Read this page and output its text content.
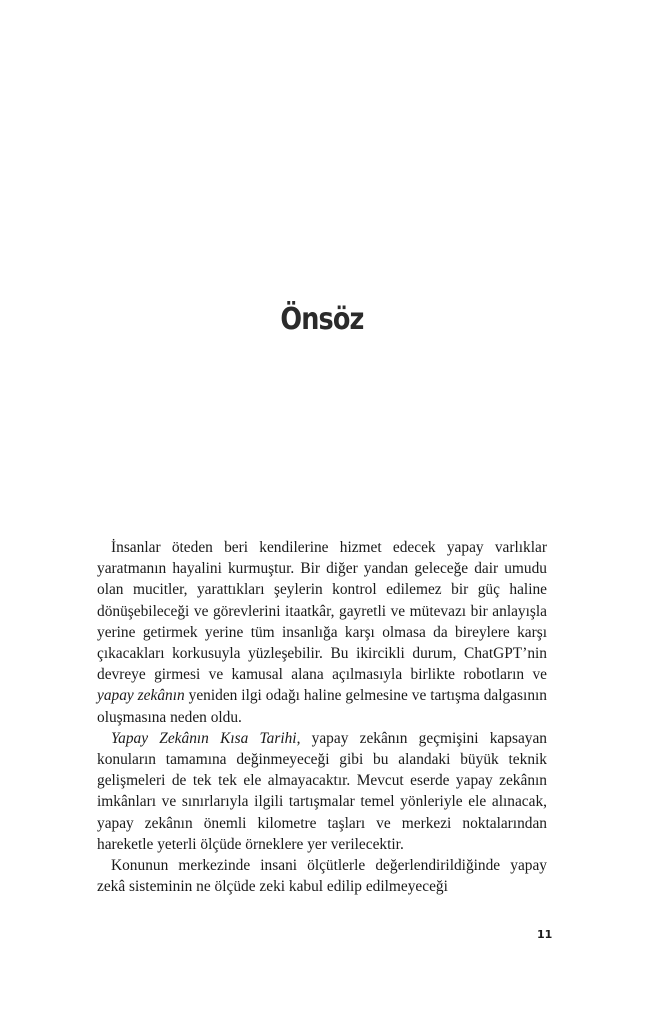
Önsöz

İnsanlar öteden beri kendilerine hizmet edecek yapay varlıklar yaratmanın hayalini kurmuştur. Bir diğer yandan geleceğe dair umudu olan mucitler, yarattıkları şeylerin kontrol edilemez bir güç haline dönüşebileceği ve görevlerini itaatkâr, gayretli ve mütevazı bir anlayışla yerine getirmek yerine tüm insanlığa karşı olmasa da bireylere karşı çıkacakları korkusuyla yüzleşebilir. Bu ikircikli durum, ChatGPT’nin devreye girmesi ve kamusal alana açılmasıyla birlikte robotların ve yapay zekânın yeniden ilgi odağı haline gelmesine ve tartışma dalgasının oluşmasına neden oldu.

Yapay Zekânın Kısa Tarihi, yapay zekânın geçmişini kapsayan konuların tamamına değinmeyeceği gibi bu alandaki büyük teknik gelişmeleri de tek tek ele almayacaktır. Mevcut eserde yapay zekânın imkânları ve sınırlarıyla ilgili tartışmalar temel yönleriyle ele alınacak, yapay zekânın önemli kilometre taşları ve merkezi noktalarından hareketle yeterli ölçüde örneklere yer verilecektir.

Konunun merkezinde insani ölçütlerle değerlendirildiğinde yapay zekâ sisteminin ne ölçüde zeki kabul edilip edilmeyeceği

11
